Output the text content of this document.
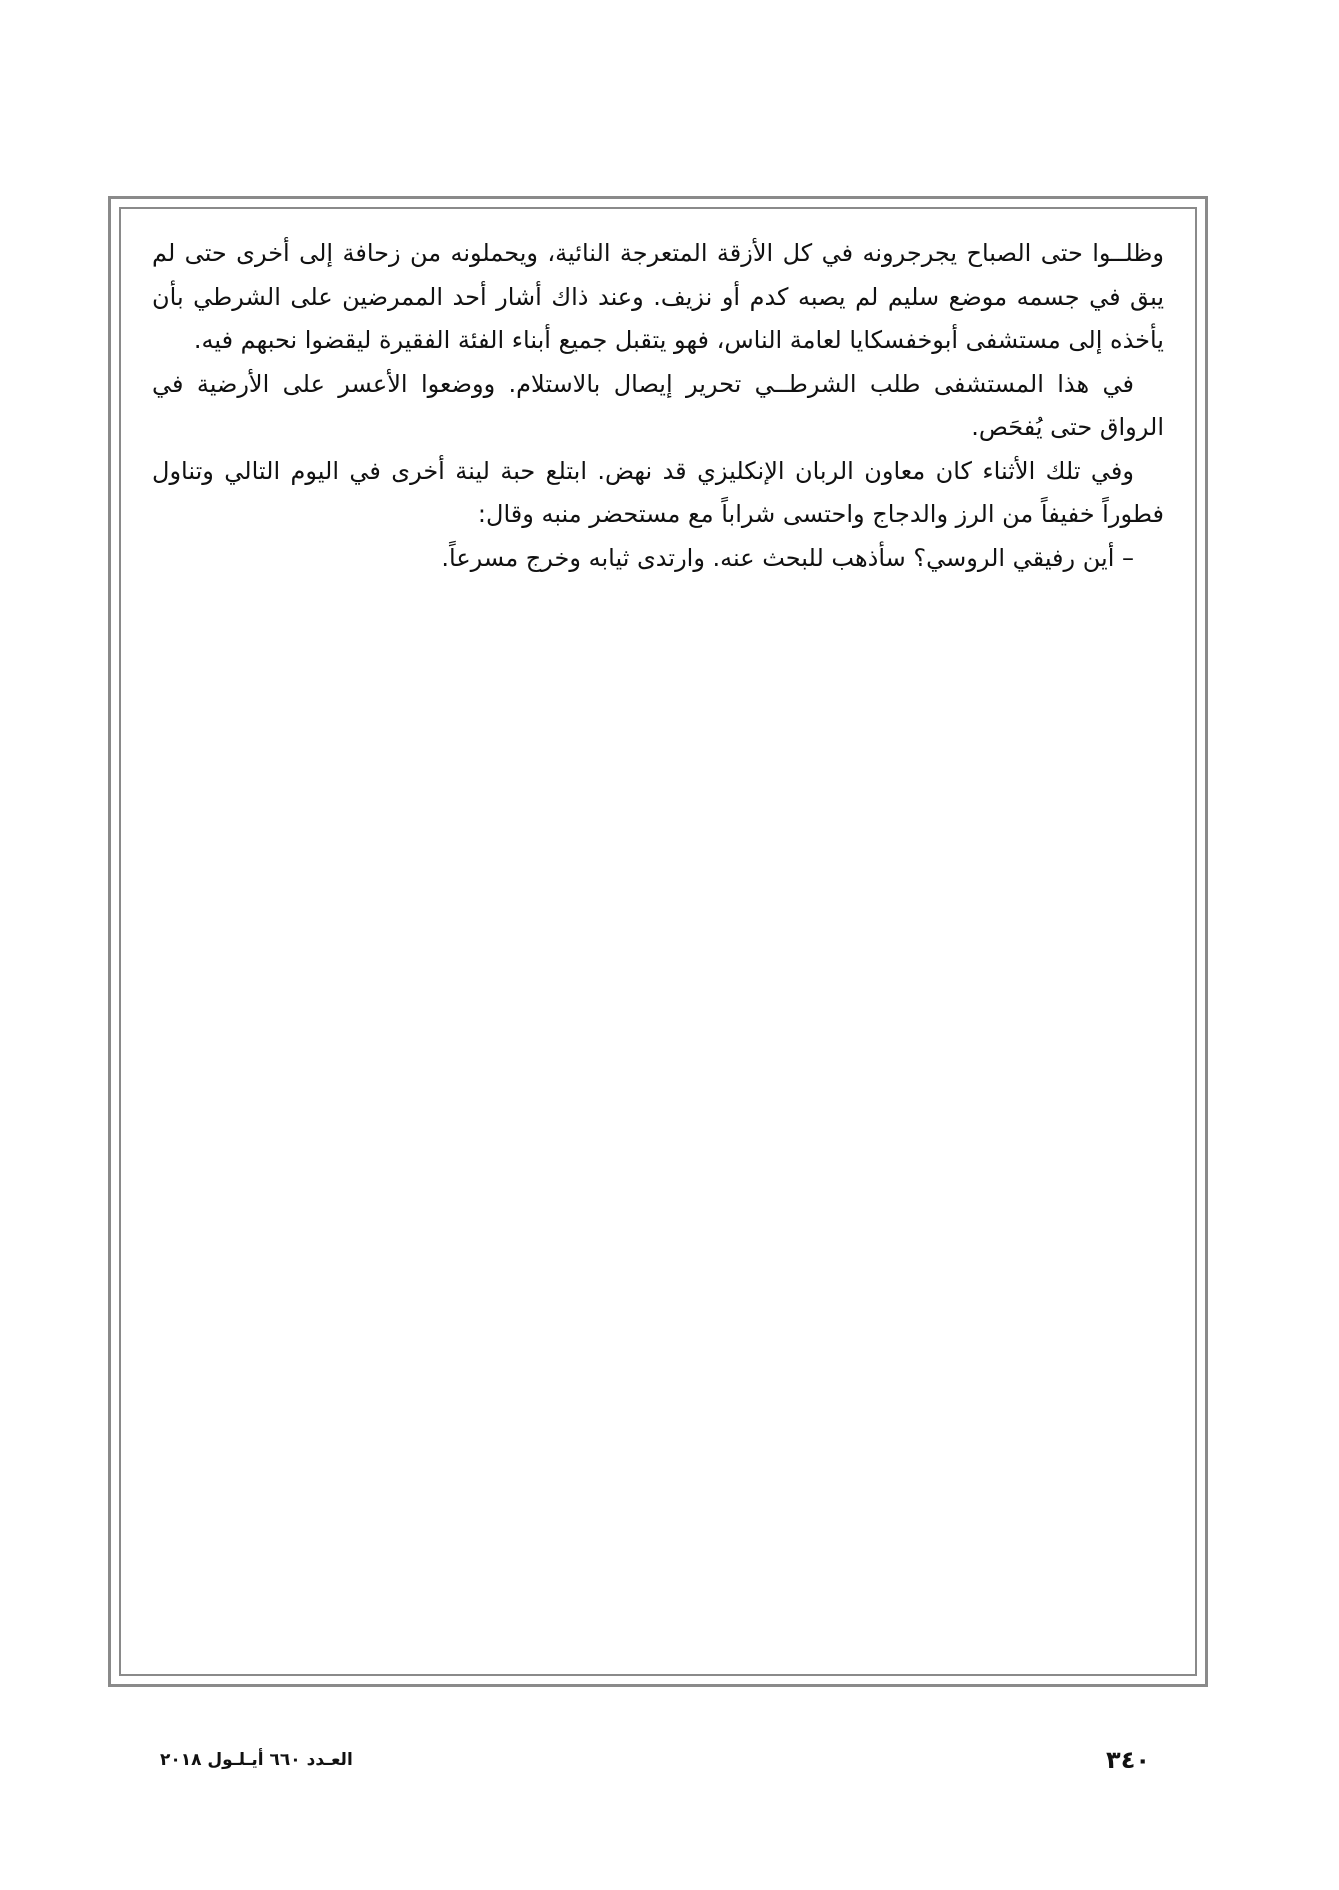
وظلــوا حتى الصباح يجرجرونه في كل الأزقة المتعرجة النائية، ويحملونه من زحافة إلى أخرى حتى لم يبق في جسمه موضع سليم لم يصبه كدم أو نزيف. وعند ذاك أشار أحد الممرضين على الشرطي بأن يأخذه إلى مستشفى أبوخفسكايا لعامة الناس، فهو يتقبل جميع أبناء الفئة الفقيرة ليقضوا نحبهم فيه.

في هذا المستشفى طلب الشرطــي تحرير إيصال بالاستلام. ووضعوا الأعسر على الأرضية في الرواق حتى يُفحَص.

وفي تلك الأثناء كان معاون الربان الإنكليزي قد نهض. ابتلع حبة لينة أخرى في اليوم التالي وتناول فطوراً خفيفاً من الرز والدجاج واحتسى شراباً مع مستحضر منبه وقال:

– أين رفيقي الروسي؟ سأذهب للبحث عنه. وارتدى ثيابه وخرج مسرعاً.

العـدد ٦٦٠ أيـلـول ٢٠١٨	٣٤٠
